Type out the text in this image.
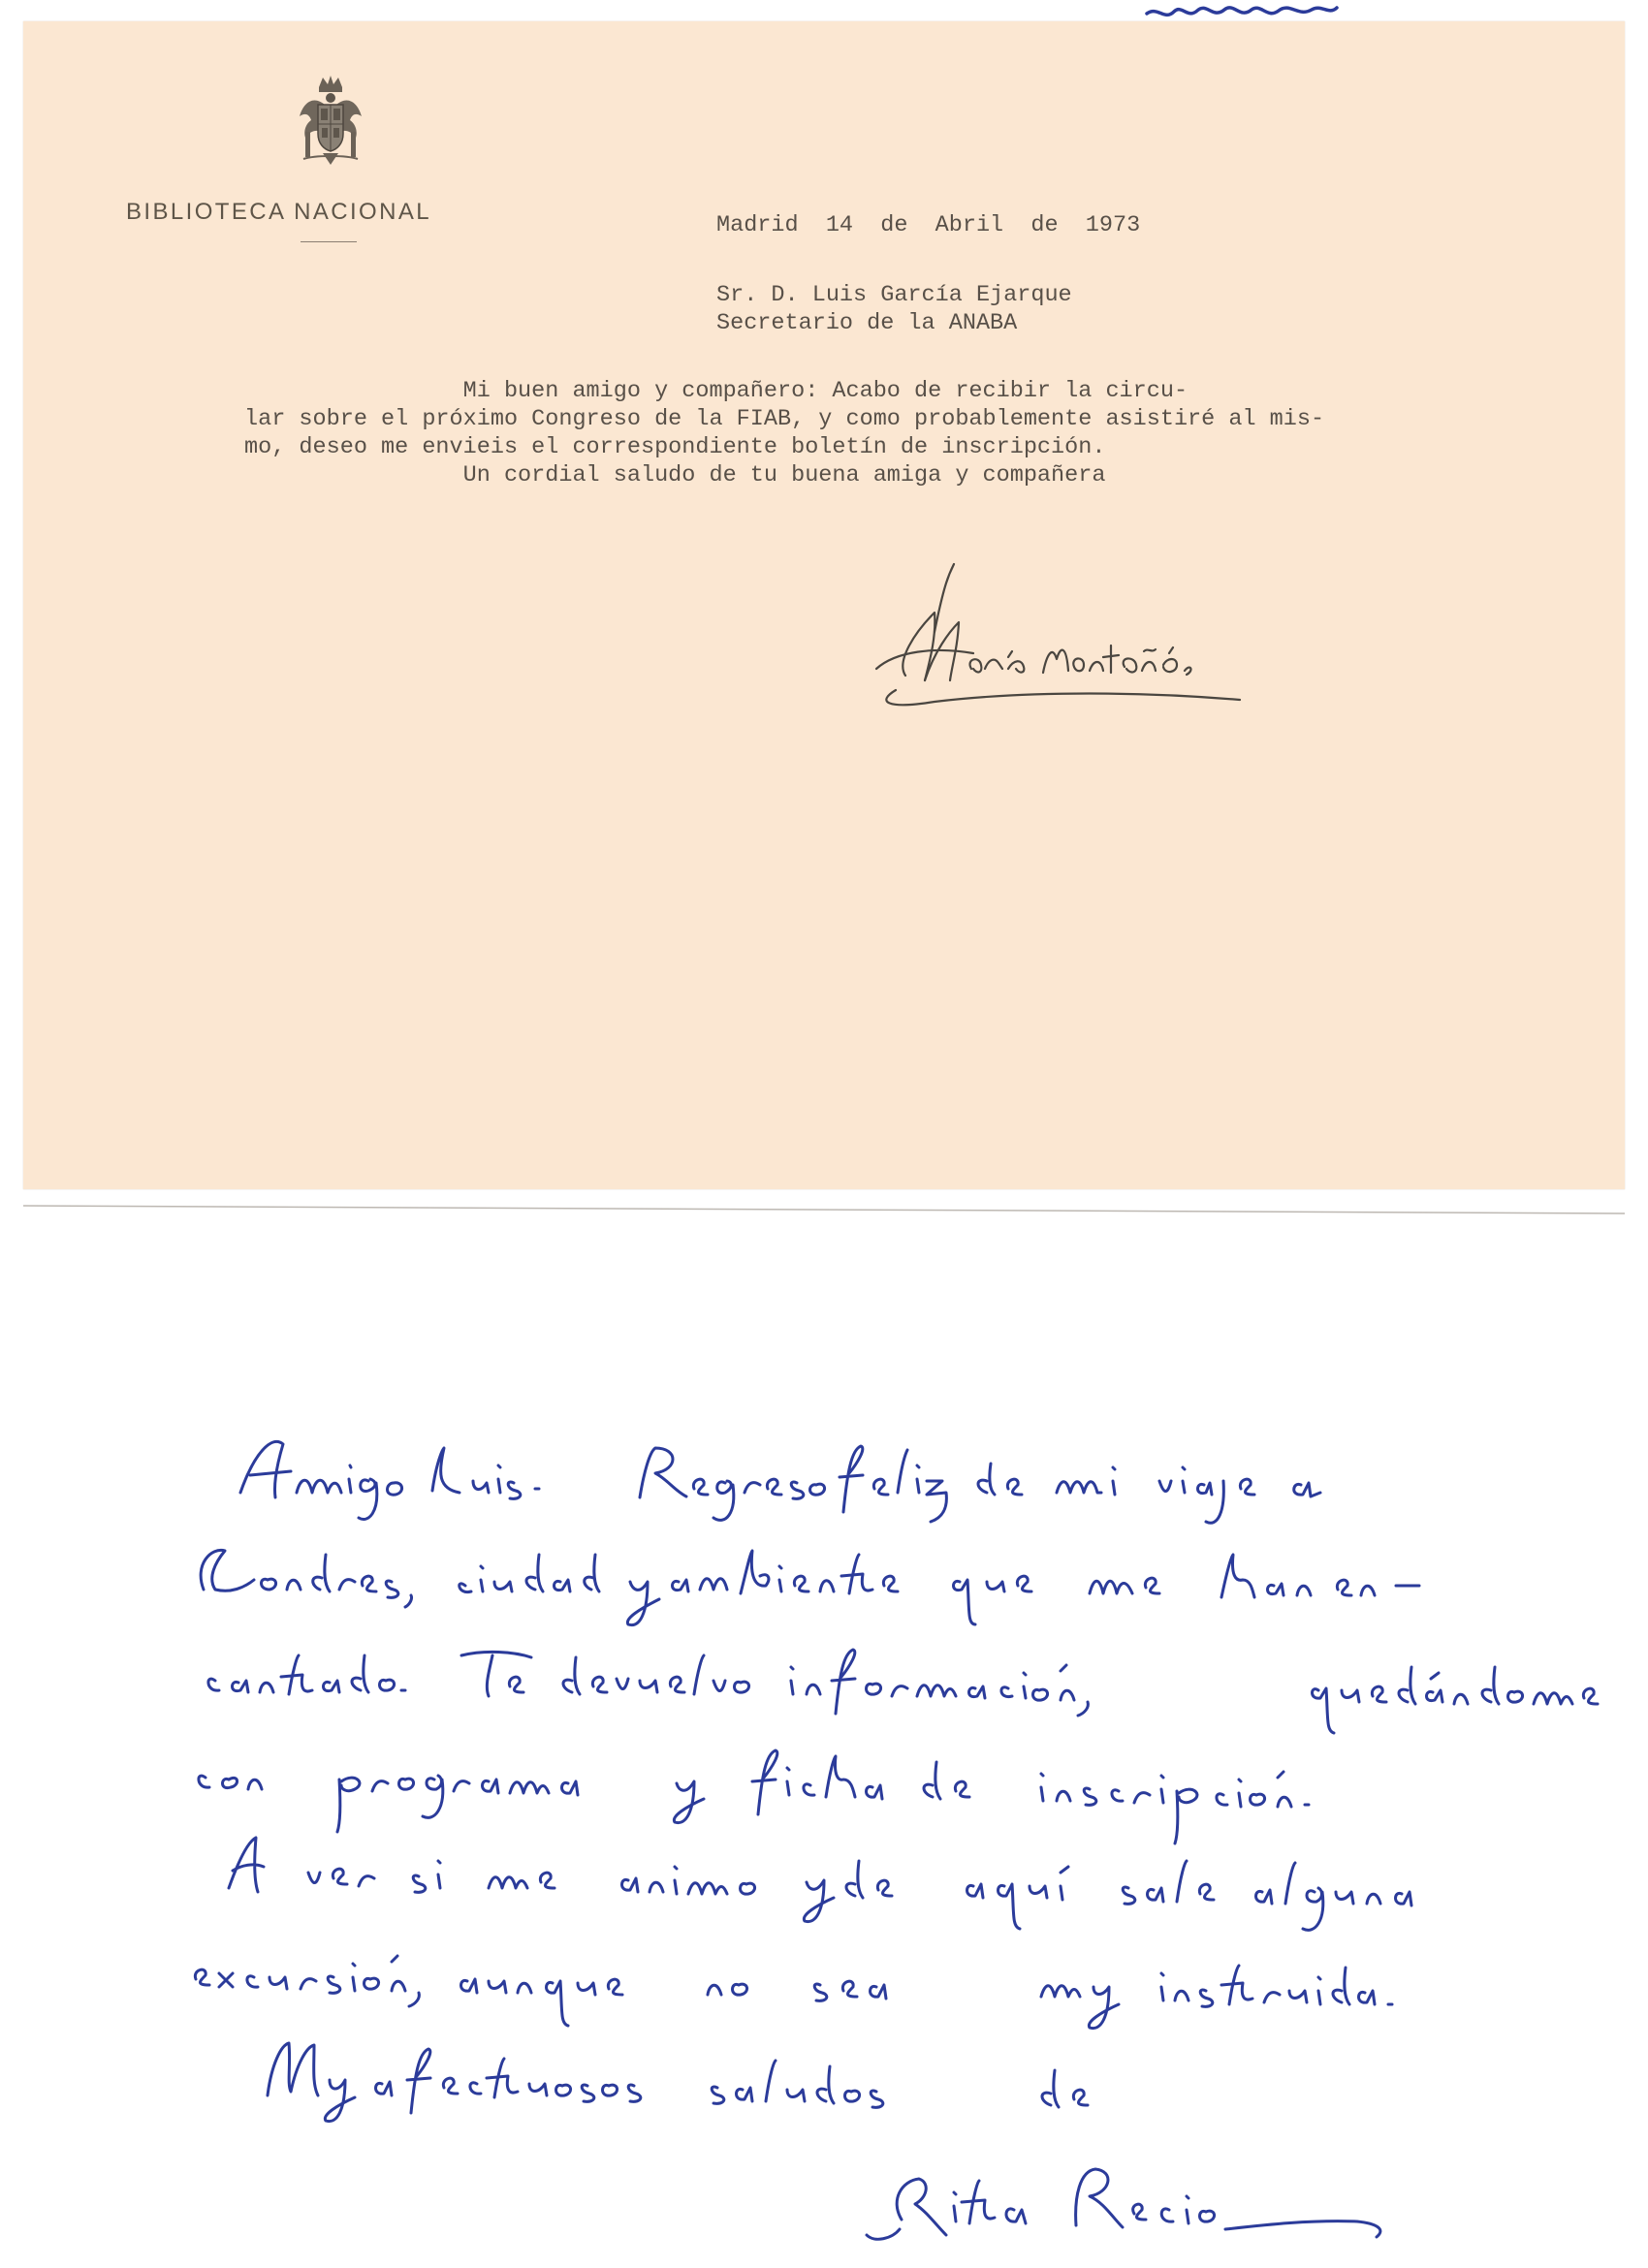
BIBLIOTECA NACIONAL
Madrid  14  de  Abril  de  1973
Sr. D. Luis García Ejarque
Secretario de la ANABA
Mi buen amigo y compañero: Acabo de recibir la circu-
lar sobre el próximo Congreso de la FIAB, y como probablemente asistiré al mis-
mo, deseo me envieis el correspondiente boletín de inscripción.
Un cordial saludo de tu buena amiga y compañera
